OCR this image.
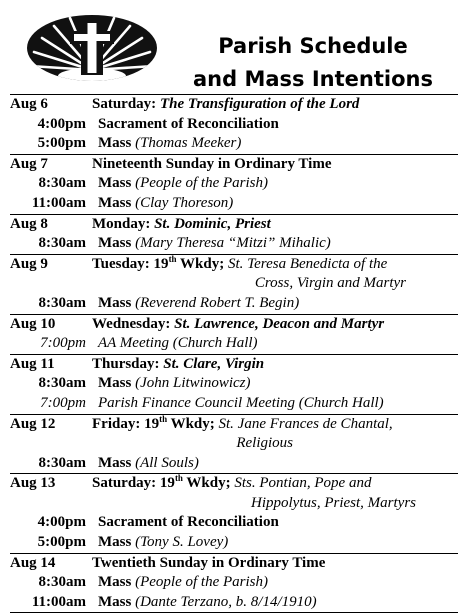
Parish Schedule
and Mass Intentions
Aug 6	Saturday: The Transfiguration of the Lord
4:00pm Sacrament of Reconciliation
5:00pm Mass (Thomas Meeker)
Aug 7	Nineteenth Sunday in Ordinary Time
8:30am Mass (People of the Parish)
11:00am Mass (Clay Thoreson)
Aug 8	Monday: St. Dominic, Priest
8:30am Mass (Mary Theresa “Mitzi” Mihalic)
Aug 9	Tuesday: 19th Wkdy; St. Teresa Benedicta of the
Cross, Virgin and Martyr
8:30am Mass (Reverend Robert T. Begin)
Aug 10	Wednesday: St. Lawrence, Deacon and Martyr
7:00pm AA Meeting (Church Hall)
Aug 11	Thursday: St. Clare, Virgin
8:30am Mass (John Litwinowicz)
7:00pm Parish Finance Council Meeting (Church Hall)
Aug 12	Friday: 19th Wkdy; St. Jane Frances de Chantal,
Religious
8:30am Mass (All Souls)
Aug 13	Saturday: 19th Wkdy; Sts. Pontian, Pope and
Hippolytus, Priest, Martyrs
4:00pm Sacrament of Reconciliation
5:00pm Mass (Tony S. Lovey)
Aug 14	Twentieth Sunday in Ordinary Time
8:30am Mass (People of the Parish)
11:00am Mass (Dante Terzano, b. 8/14/1910)
